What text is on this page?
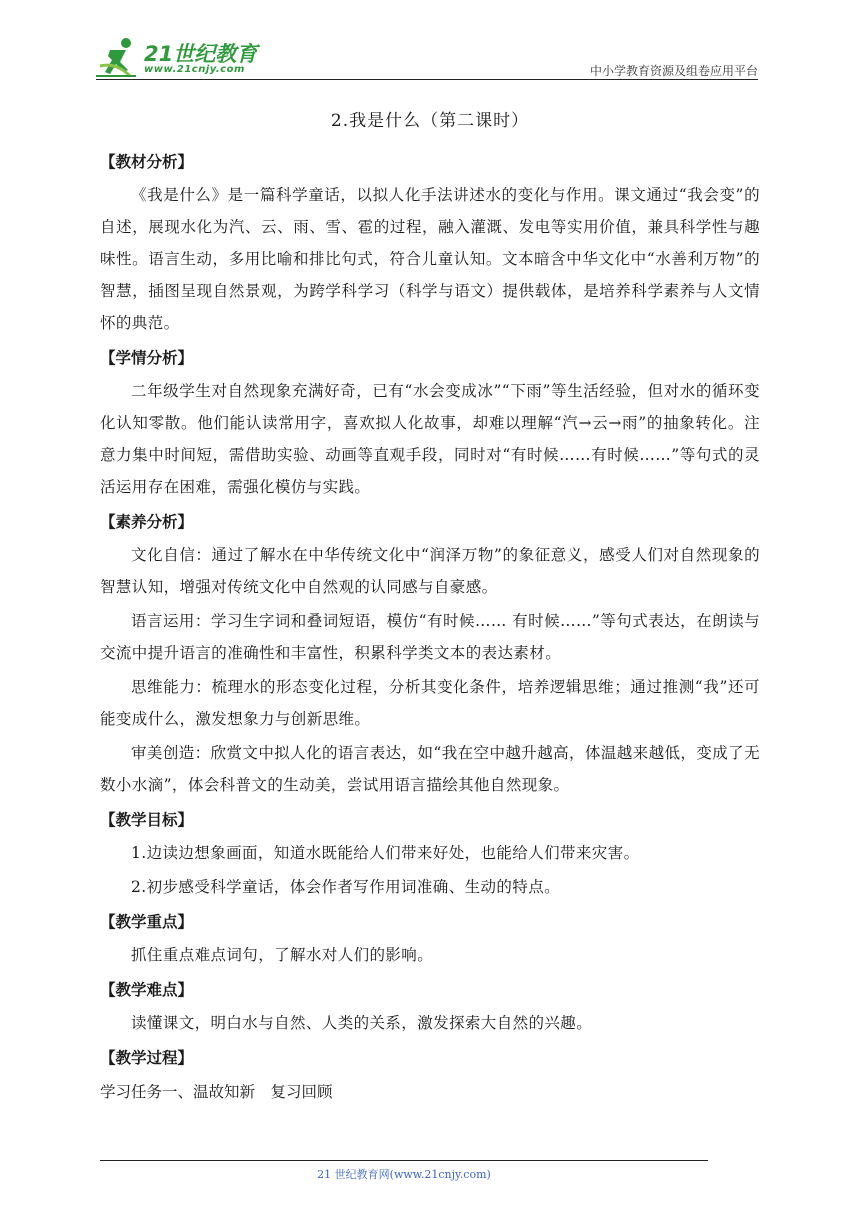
21世纪教育
www.21cnjy.com	中小学教育资源及组卷应用平台
2.我是什么（第二课时）
【教材分析】

《我是什么》是一篇科学童话，以拟人化手法讲述水的变化与作用。课文通过“我会变”的自述，展现水化为汽、云、雨、雪、雹的过程，融入灌溉、发电等实用价值，兼具科学性与趣味性。语言生动，多用比喻和排比句式，符合儿童认知。文本暗含中华文化中“水善利万物”的智慧，插图呈现自然景观，为跨学科学习（科学与语文）提供载体，是培养科学素养与人文情怀的典范。

【学情分析】

二年级学生对自然现象充满好奇，已有“水会变成冰”“下雨”等生活经验，但对水的循环变化认知零散。他们能认读常用字，喜欢拟人化故事，却难以理解“汽→云→雨”的抽象转化。注意力集中时间短，需借助实验、动画等直观手段，同时对“有时候……有时候……”等句式的灵活运用存在困难，需强化模仿与实践。

【素养分析】

文化自信：通过了解水在中华传统文化中“润泽万物”的象征意义，感受人们对自然现象的智慧认知，增强对传统文化中自然观的认同感与自豪感。

语言运用：学习生字词和叠词短语，模仿“有时候…… 有时候……”等句式表达，在朗读与交流中提升语言的准确性和丰富性，积累科学类文本的表达素材。

思维能力：梳理水的形态变化过程，分析其变化条件，培养逻辑思维；通过推测“我”还可能变成什么，激发想象力与创新思维。

审美创造：欣赏文中拟人化的语言表达，如“我在空中越升越高，体温越来越低，变成了无数小水滴”，体会科普文的生动美，尝试用语言描绘其他自然现象。

【教学目标】

1.边读边想象画面，知道水既能给人们带来好处，也能给人们带来灾害。

2.初步感受科学童话，体会作者写作用词准确、生动的特点。

【教学重点】

抓住重点难点词句，了解水对人们的影响。

【教学难点】

读懂课文，明白水与自然、人类的关系，激发探索大自然的兴趣。

【教学过程】

学习任务一、温故知新　复习回顾

21 世纪教育网(www.21cnjy.com)
